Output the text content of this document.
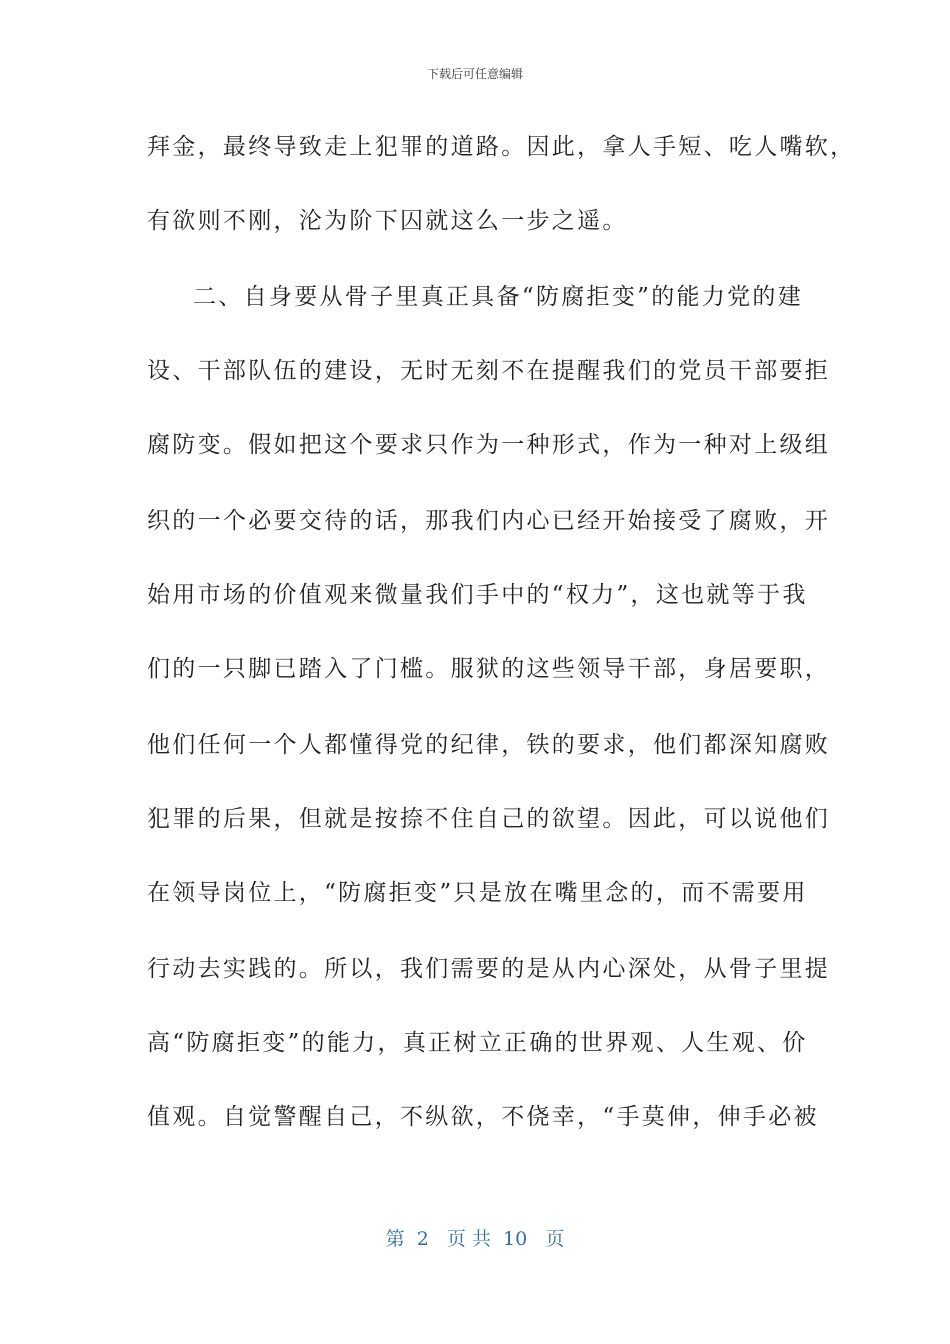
下载后可任意编辑
拜金，最终导致走上犯罪的道路。因此，拿人手短、吃人嘴软，
有欲则不刚，沦为阶下囚就这么一步之遥。
二、自身要从骨子里真正具备“防腐拒变”的能力党的建
设、干部队伍的建设，无时无刻不在提醒我们的党员干部要拒
腐防变。假如把这个要求只作为一种形式，作为一种对上级组
织的一个必要交待的话，那我们内心已经开始接受了腐败，开
始用市场的价值观来微量我们手中的“权力”，这也就等于我
们的一只脚已踏入了门槛。服狱的这些领导干部，身居要职，
他们任何一个人都懂得党的纪律，铁的要求，他们都深知腐败
犯罪的后果，但就是按捺不住自己的欲望。因此，可以说他们
在领导岗位上，“防腐拒变”只是放在嘴里念的，而不需要用
行动去实践的。所以，我们需要的是从内心深处，从骨子里提
高“防腐拒变”的能力，真正树立正确的世界观、人生观、价
值观。自觉警醒自己，不纵欲，不侥幸，“手莫伸，伸手必被
第  2   页 共  10   页
